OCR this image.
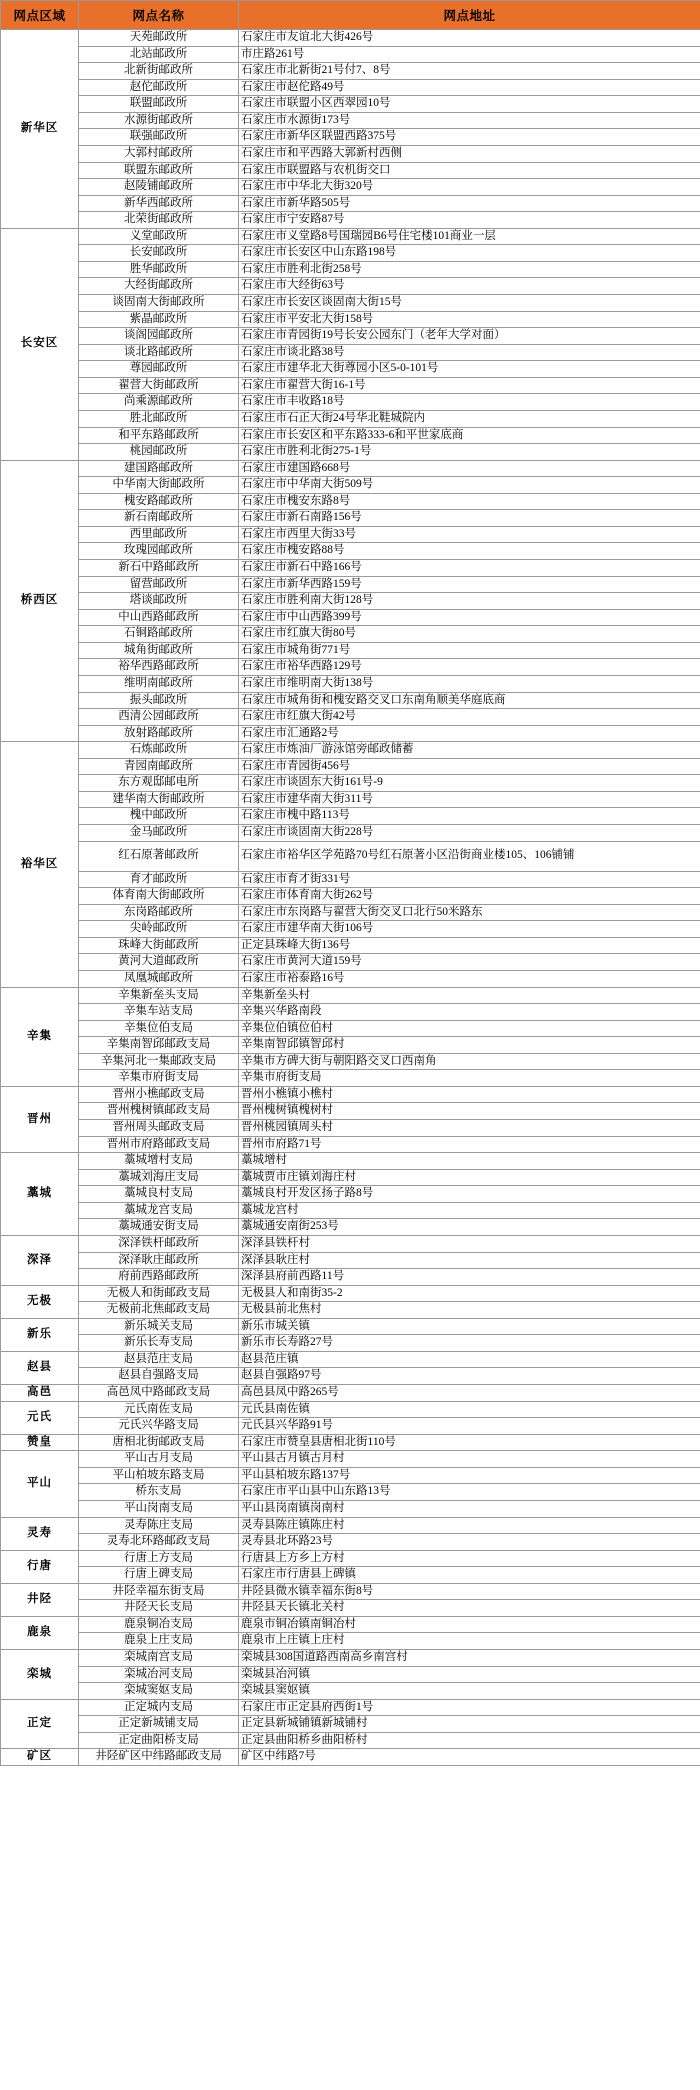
网点区域	网点名称	网点地址
新华区	天苑邮政所	石家庄市友谊北大街426号
	北站邮政所	市庄路261号
	北新街邮政所	石家庄市北新街21号付7、8号
	赵佗邮政所	石家庄市赵佗路49号
	联盟邮政所	石家庄市联盟小区西翠园10号
	水源街邮政所	石家庄市水源街173号
	联强邮政所	石家庄市新华区联盟西路375号
	大郭村邮政所	石家庄市和平西路大郭新村西侧
	联盟东邮政所	石家庄市联盟路与农机街交口
	赵陵铺邮政所	石家庄市中华北大街320号
	新华西邮政所	石家庄市新华路505号
	北荣街邮政所	石家庄市宁安路87号
长安区	义堂邮政所	石家庄市义堂路8号国瑞园B6号住宅楼101商业一层
	长安邮政所	石家庄市长安区中山东路198号
	胜华邮政所	石家庄市胜利北街258号
	大经街邮政所	石家庄市大经街63号
	谈固南大街邮政所	石家庄市长安区谈固南大街15号
	紫晶邮政所	石家庄市平安北大街158号
	谈阁园邮政所	石家庄市青园街19号长安公园东门（老年大学对面）
	谈北路邮政所	石家庄市谈北路38号
	尊园邮政所	石家庄市建华北大街尊园小区5-0-101号
	翟营大街邮政所	石家庄市翟营大街16-1号
	尚乘源邮政所	石家庄市丰收路18号
	胜北邮政所	石家庄市石正大街24号华北鞋城院内
	和平东路邮政所	石家庄市长安区和平东路333-6和平世家底商
	桃园邮政所	石家庄市胜利北街275-1号
桥西区	建国路邮政所	石家庄市建国路668号
	中华南大街邮政所	石家庄市中华南大街509号
	槐安路邮政所	石家庄市槐安东路8号
	新石南邮政所	石家庄市新石南路156号
	西里邮政所	石家庄市西里大街33号
	玫瑰园邮政所	石家庄市槐安路88号
	新石中路邮政所	石家庄市新石中路166号
	留营邮政所	石家庄市新华西路159号
	塔谈邮政所	石家庄市胜利南大街128号
	中山西路邮政所	石家庄市中山西路399号
	石铜路邮政所	石家庄市红旗大街80号
	城角街邮政所	石家庄市城角街771号
	裕华西路邮政所	石家庄市裕华西路129号
	维明南邮政所	石家庄市维明南大街138号
	振头邮政所	石家庄市城角街和槐安路交叉口东南角顺美华庭底商
	西清公园邮政所	石家庄市红旗大街42号
	放射路邮政所	石家庄市汇通路2号
裕华区	石炼邮政所	石家庄市炼油厂游泳馆旁邮政储蓄
	青园南邮政所	石家庄市青园街456号
	东方观邸邮电所	石家庄市谈固东大街161号-9
	建华南大街邮政所	石家庄市建华南大街311号
	槐中邮政所	石家庄市槐中路113号
	金马邮政所	石家庄市谈固南大街228号
	红石原著邮政所	石家庄市裕华区学苑路70号红石原著小区沿街商业楼105、106铺铺
	育才邮政所	石家庄市育才街331号
	体育南大街邮政所	石家庄市体育南大街262号
	东岗路邮政所	石家庄市东岗路与翟营大街交叉口北行50米路东
	尖岭邮政所	石家庄市建华南大街106号
	珠峰大街邮政所	正定县珠峰大街136号
	黄河大道邮政所	石家庄市黄河大道159号
	凤凰城邮政所	石家庄市裕泰路16号
辛集	辛集新垒头支局	辛集新垒头村
	辛集车站支局	辛集兴华路南段
	辛集位伯支局	辛集位伯镇位伯村
	辛集南智邱邮政支局	辛集南智邱镇智邱村
	辛集河北一集邮政支局	辛集市方碑大街与朝阳路交叉口西南角
	辛集市府街支局	辛集市府街支局
晋州	晋州小樵邮政支局	晋州小樵镇小樵村
	晋州槐树镇邮政支局	晋州槐树镇槐树村
	晋州周头邮政支局	晋州桃园镇周头村
	晋州市府路邮政支局	晋州市府路71号
藁城	藁城增村支局	藁城增村
	藁城刘海庄支局	藁城贾市庄镇刘海庄村
	藁城良村支局	藁城良村开发区扬子路8号
	藁城龙宫支局	藁城龙宫村
	藁城通安街支局	藁城通安南街253号
深泽	深泽铁杆邮政所	深泽县铁杆村
	深泽耿庄邮政所	深泽县耿庄村
	府前西路邮政所	深泽县府前西路11号
无极	无极人和街邮政支局	无极县人和南街35-2
	无极前北焦邮政支局	无极县前北焦村
新乐	新乐城关支局	新乐市城关镇
	新乐长寿支局	新乐市长寿路27号
赵县	赵县范庄支局	赵县范庄镇
	赵县自强路支局	赵县自强路97号
高邑	高邑凤中路邮政支局	高邑县凤中路265号
元氏	元氏南佐支局	元氏县南佐镇
	元氏兴华路支局	元氏县兴华路91号
赞皇	唐相北街邮政支局	石家庄市赞皇县唐相北街110号
平山	平山古月支局	平山县古月镇古月村
	平山柏坡东路支局	平山县柏坡东路137号
	桥东支局	石家庄市平山县中山东路13号
	平山岗南支局	平山县岗南镇岗南村
灵寿	灵寿陈庄支局	灵寿县陈庄镇陈庄村
	灵寿北环路邮政支局	灵寿县北环路23号
行唐	行唐上方支局	行唐县上方乡上方村
	行唐上碑支局	石家庄市行唐县上碑镇
井陉	井陉幸福东街支局	井陉县微水镇幸福东街8号
	井陉天长支局	井陉县天长镇北关村
鹿泉	鹿泉铜冶支局	鹿泉市铜冶镇南铜冶村
	鹿泉上庄支局	鹿泉市上庄镇上庄村
栾城	栾城南宫支局	栾城县308国道路西南高乡南宫村
	栾城冶河支局	栾城县冶河镇
	栾城窦妪支局	栾城县窦妪镇
正定	正定城内支局	石家庄市正定县府西街1号
	正定新城铺支局	正定县新城铺镇新城铺村
	正定曲阳桥支局	正定县曲阳桥乡曲阳桥村
矿区	井陉矿区中纬路邮政支局	矿区中纬路7号
